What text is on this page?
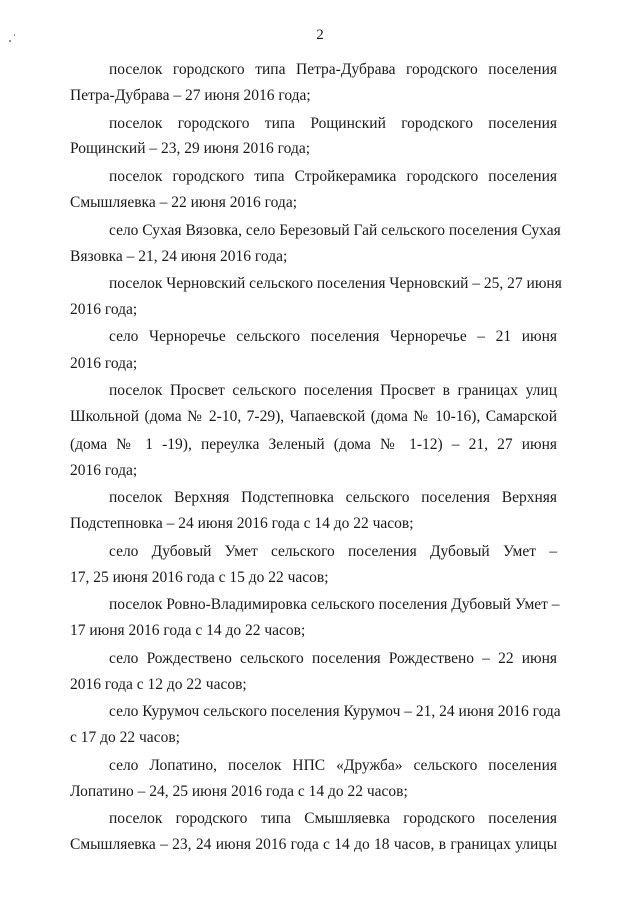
2
поселок городского типа Петра-Дубрава городского поселения
Петра-Дубрава – 27 июня 2016 года;
поселок городского типа Рощинский городского поселения
Рощинский – 23, 29 июня 2016 года;
поселок городского типа Стройкерамика городского поселения
Смышляевка – 22 июня 2016 года;
село Сухая Вязовка, село Березовый Гай сельского поселения Сухая
Вязовка – 21, 24 июня 2016 года;
поселок Черновский сельского поселения Черновский – 25, 27 июня
2016 года;
село Черноречье сельского поселения Черноречье – 21 июня
2016 года;
поселок Просвет сельского поселения Просвет в границах улиц
Школьной (дома № 2-10, 7-29), Чапаевской (дома № 10-16), Самарской
(дома № 1 -19), переулка Зеленый (дома № 1-12) – 21, 27 июня
2016 года;
поселок Верхняя Подстепновка сельского поселения Верхняя
Подстепновка – 24 июня 2016 года с 14 до 22 часов;
село Дубовый Умет сельского поселения Дубовый Умет –
17, 25 июня 2016 года с 15 до 22 часов;
поселок Ровно-Владимировка сельского поселения Дубовый Умет –
17 июня 2016 года с 14 до 22 часов;
село Рождествено сельского поселения Рождествено – 22 июня
2016 года с 12 до 22 часов;
село Курумоч сельского поселения Курумоч – 21, 24 июня 2016 года
с 17 до 22 часов;
село Лопатино, поселок НПС «Дружба» сельского поселения
Лопатино – 24, 25 июня 2016 года с 14 до 22 часов;
поселок городского типа Смышляевка городского поселения
Смышляевка – 23, 24 июня 2016 года с 14 до 18 часов, в границах улицы
